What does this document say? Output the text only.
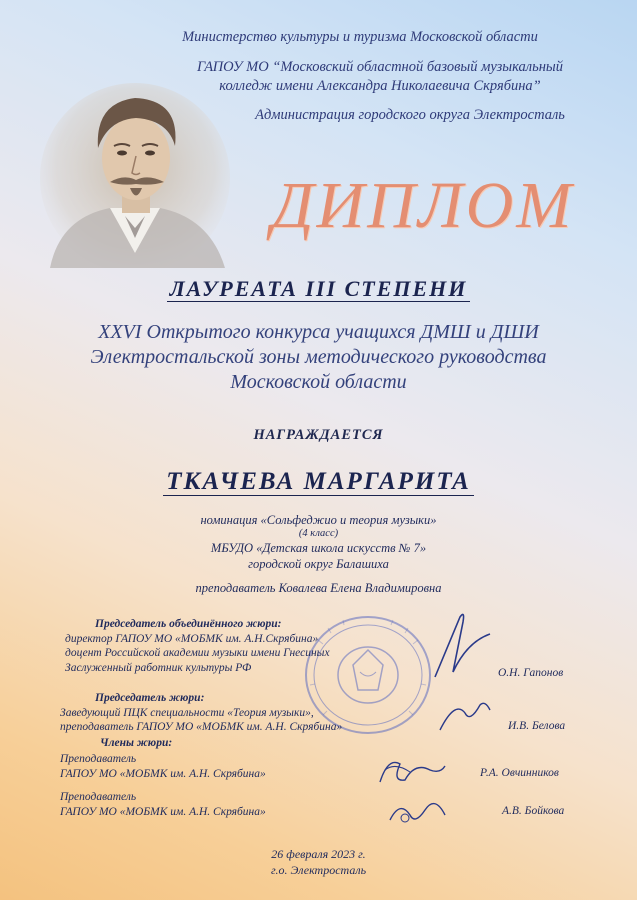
Министерство культуры и туризма Московской области
ГАПОУ МО “Московский областной базовый музыкальный
колледж имени Александра Николаевича Скрябина”
Администрация городского округа Электросталь
ДИПЛОМ
ЛАУРЕАТА III СТЕПЕНИ
XXVI Открытого конкурса учащихся ДМШ и ДШИ
Электростальской зоны методического руководства
Московской области
НАГРАЖДАЕТСЯ
ТКАЧЕВА МАРГАРИТА
номинация «Сольфеджио и теория музыки»
(4 класс)
МБУДО «Детская школа искусств № 7»
городской округ Балашиха
преподаватель Ковалева Елена Владимировна
Председатель объединённого жюри:
директор ГАПОУ МО «МОБМК им. А.Н.Скрябина»
доцент Российской академии музыки имени Гнесиных
Заслуженный работник культуры РФ	О.Н. Гапонов
Председатель жюри:
Заведующий ПЦК специальности «Теория музыки»,
преподаватель ГАПОУ МО «МОБМК им. А.Н. Скрябина»	И.В. Белова
Члены жюри:
Преподаватель
ГАПОУ МО «МОБМК им. А.Н. Скрябина»	Р.А. Овчинников
Преподаватель
ГАПОУ МО «МОБМК им. А.Н. Скрябина»	А.В. Бойкова
26 февраля 2023 г.
г.о. Электросталь
